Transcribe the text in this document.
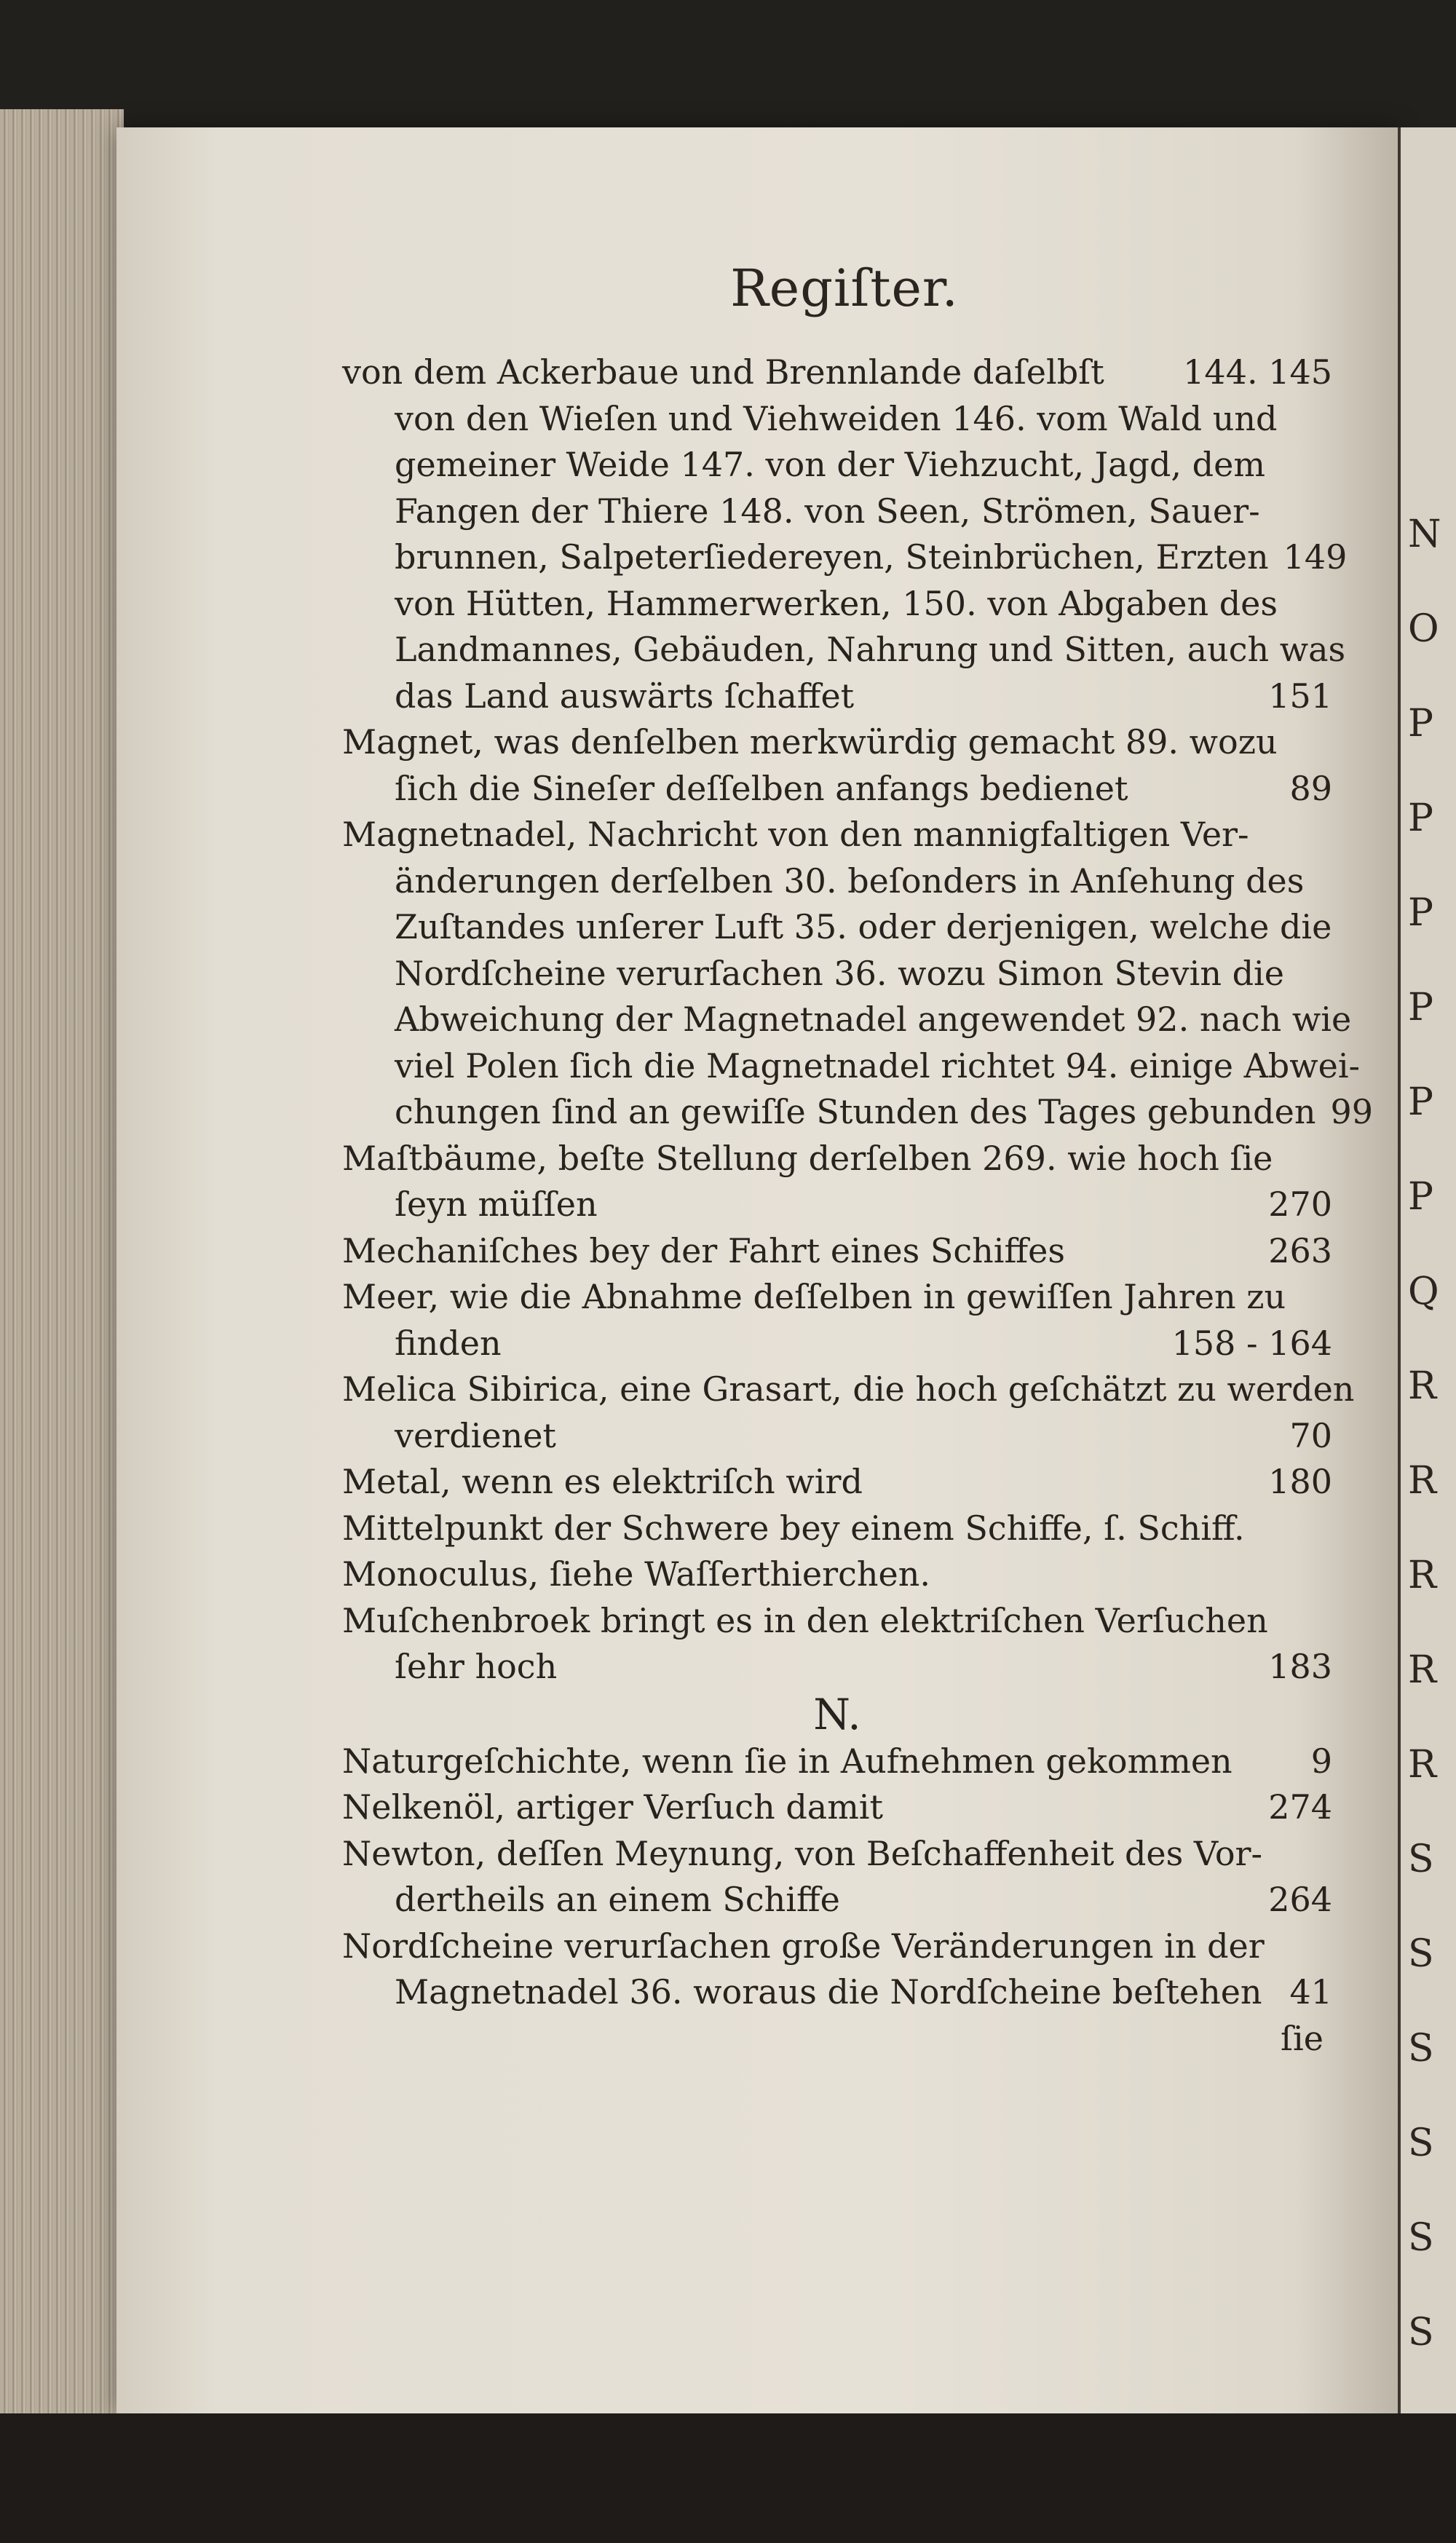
N
O
P
P
P
P
P
P
Q
R
R
R
R
R
S
S
S
S
S
S
Regiſter.
von dem Ackerbaue und Brennlande daſelbſt	144. 145
von den Wieſen und Viehweiden 146. vom Wald und
gemeiner Weide 147. von der Viehzucht, Jagd, dem
Fangen der Thiere 148. von Seen, Strömen, Sauer-
brunnen, Salpeterſiedereyen, Steinbrüchen, Erzten 149
von Hütten, Hammerwerken, 150. von Abgaben des
Landmannes, Gebäuden, Nahrung und Sitten, auch was
das Land auswärts ſchaffet	151
Magnet, was denſelben merkwürdig gemacht 89. wozu
ſich die Sineſer deſſelben anfangs bedienet	89
Magnetnadel, Nachricht von den mannigfaltigen Ver-
änderungen derſelben 30. beſonders in Anſehung des
Zuſtandes unſerer Luft 35. oder derjenigen, welche die
Nordſcheine verurſachen 36. wozu Simon Stevin die
Abweichung der Magnetnadel angewendet 92. nach wie
viel Polen ſich die Magnetnadel richtet 94. einige Abwei-
chungen ſind an gewiſſe Stunden des Tages gebunden 99
Maſtbäume, beſte Stellung derſelben 269. wie hoch ſie
ſeyn müſſen	270
Mechaniſches bey der Fahrt eines Schiffes	263
Meer, wie die Abnahme deſſelben in gewiſſen Jahren zu
finden	158 - 164
Melica Sibirica, eine Grasart, die hoch geſchätzt zu werden
verdienet	70
Metal, wenn es elektriſch wird	180
Mittelpunkt der Schwere bey einem Schiffe, ſ. Schiff.
Monoculus, ſiehe Waſſerthierchen.
Muſchenbroek bringt es in den elektriſchen Verſuchen
ſehr hoch	183
N.
Naturgeſchichte, wenn ſie in Aufnehmen gekommen	9
Nelkenöl, artiger Verſuch damit	274
Newton, deſſen Meynung, von Beſchaffenheit des Vor-
dertheils an einem Schiffe	264
Nordſcheine verurſachen große Veränderungen in der
Magnetnadel 36. woraus die Nordſcheine beſtehen 41
ſie
